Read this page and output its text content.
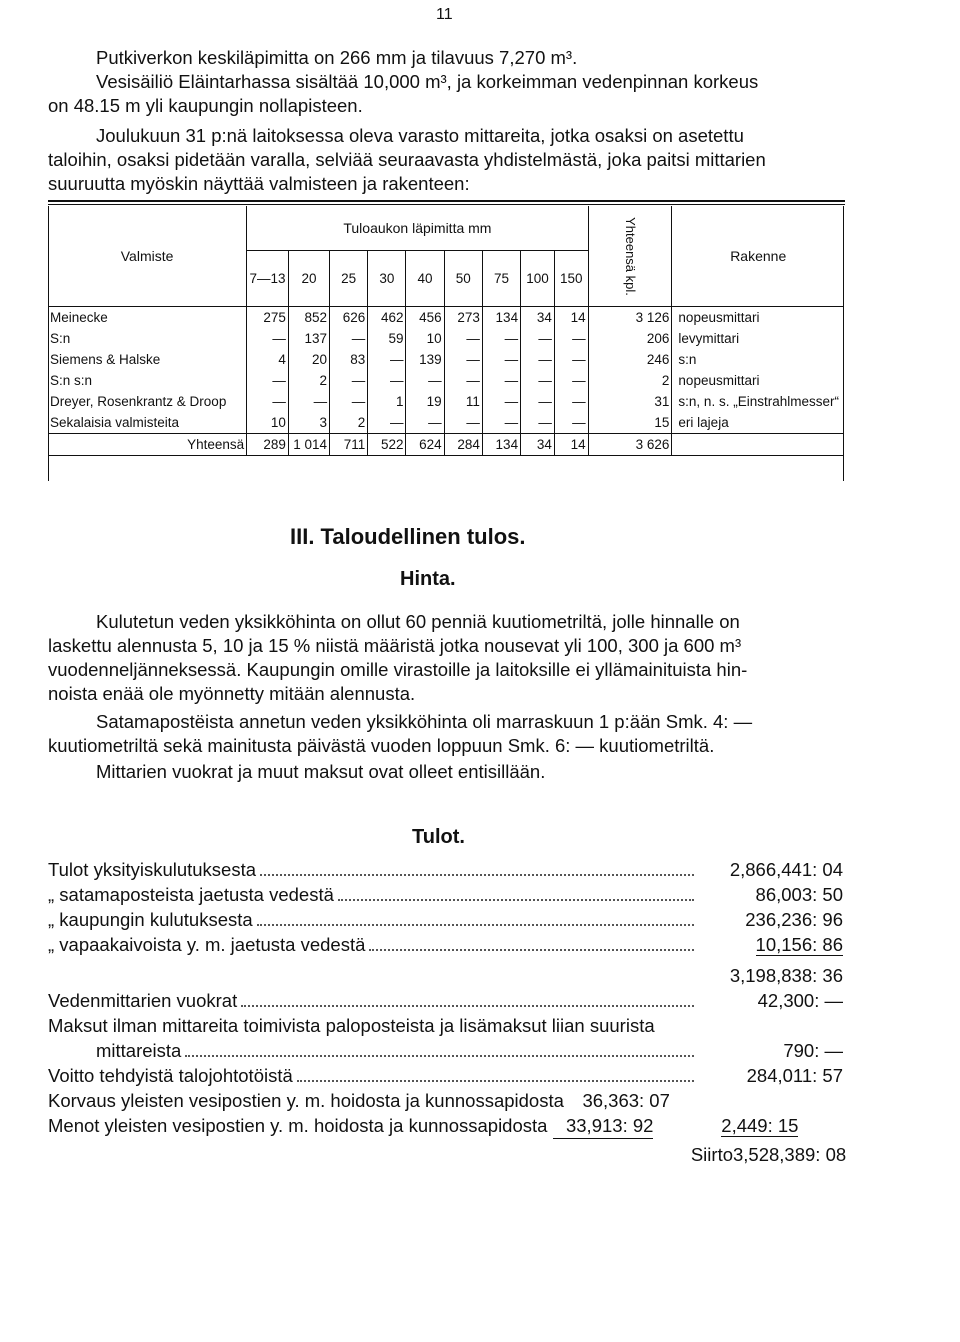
11
Putkiverkon keskiläpimitta on 266 mm ja tilavuus 7,270 m³.
Vesisäiliö Eläintarhassa sisältää 10,000 m³, ja korkeimman vedenpinnan korkeus
on 48.15 m yli kaupungin nollapisteen.
Joulukuun 31 p:nä laitoksessa oleva varasto mittareita, jotka osaksi on asetettu
taloihin, osaksi pidetään varalla, selviää seuraavasta yhdistelmästä, joka paitsi mittarien
suuruutta myöskin näyttää valmisteen ja rakenteen:
Valmiste	Tuloaukon läpimitta mm									Yhteensä kpl.	Rakenne
	7—13	20	25	30	40	50	75	100	150		
Meinecke	275	852	626	462	456	273	134	34	14	3 126	nopeusmittari
S:n	—	137	—	59	10	—	—	—	—	206	levymittari
Siemens & Halske	4	20	83	—	139	—	—	—	—	246	s:n
S:n s:n	—	2	—	—	—	—	—	—	—	2	nopeusmittari
Dreyer, Rosenkrantz & Droop	—	—	—	1	19	11	—	—	—	31	s:n, n. s. „Einstrahlmesser“
Sekalaisia valmisteita	10	3	2	—	—	—	—	—	—	15	eri lajeja
Yhteensä	289	1 014	711	522	624	284	134	34	14	3 626	
III. Taloudellinen tulos.
Hinta.
Kulutetun veden yksikköhinta on ollut 60 penniä kuutiometriltä, jolle hinnalle on
laskettu alennusta 5, 10 ja 15 % niistä määristä jotka nousevat yli 100, 300 ja 600 m³
vuodenneljänneksessä. Kaupungin omille virastoille ja laitoksille ei yllämainituista hin-
noista enää ole myönnetty mitään alennusta.
Satamapostëista annetun veden yksikköhinta oli marraskuun 1 p:ään Smk. 4: —
kuutiometriltä sekä mainitusta päivästä vuoden loppuun Smk. 6: — kuutiometriltä.
Mittarien vuokrat ja muut maksut ovat olleet entisillään.
Tulot.
Tulot yksityiskulutuksesta	2,866,441: 04
„ satamaposteista jaetusta vedestä	86,003: 50
„ kaupungin kulutuksesta	236,236: 96
„ vapaakaivoista y. m. jaetusta vedestä	10,156: 86
3,198,838: 36
Vedenmittarien vuokrat	42,300: —
Maksut ilman mittareita toimivista paloposteista ja lisämaksut liian suurista
mittareista	790: —
Voitto tehdyistä talojohtotöistä	284,011: 57
Korvaus yleisten vesipostien y. m. hoidosta ja kunnossapidosta	36,363: 07
Menot yleisten vesipostien y. m. hoidosta ja kunnossapidosta	33,913: 92	2,449: 15
Siirto 3,528,389: 08
